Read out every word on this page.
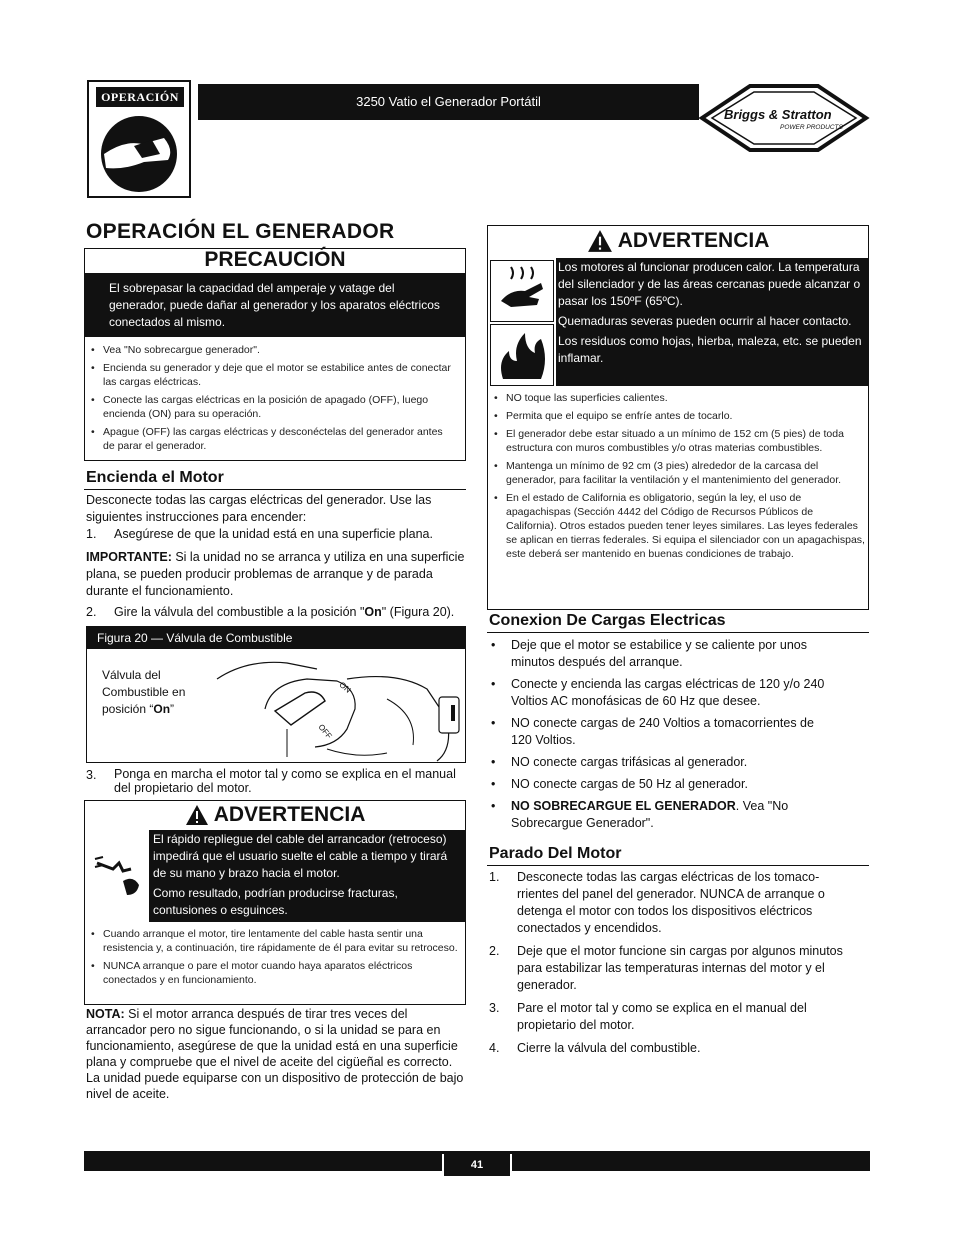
OPERACIÓN	3250 Vatio el Generador Portátil
Briggs & Stratton
POWER PRODUCTS
OPERACIÓN EL GENERADOR
PRECAUCIÓN
El sobrepasar la capacidad del amperaje y vatage del generador, puede dañar al generador y los aparatos eléctricos conectados al mismo.
• Vea "No sobrecargue generador".
• Encienda su generador y deje que el motor se estabilice antes de conectar las cargas eléctricas.
• Conecte las cargas eléctricas en la posición de apagado (OFF), luego encienda (ON) para su operación.
• Apague (OFF) las cargas eléctricas y desconéctelas del generador antes de parar el generador.
Encienda el Motor
Desconecte todas las cargas eléctricas del generador. Use las siguientes instrucciones para encender:
1. Asegúrese de que la unidad está en una superficie plana.
IMPORTANTE: Si la unidad no se arranca y utiliza en una superficie plana, se pueden producir problemas de arranque y de parada durante el funcionamiento.
2. Gire la válvula del combustible a la posición "On" (Figura 20).
Figura 20 — Válvula de Combustible
Válvula del Combustible en posición “On”
ON
OFF
3. Ponga en marcha el motor tal y como se explica en el manual del propietario del motor.
ADVERTENCIA
El rápido repliegue del cable del arrancador (retroceso) impedirá que el usuario suelte el cable a tiempo y tirará de su mano y brazo hacia el motor.
Como resultado, podrían producirse fracturas, contusiones o esguinces.
• Cuando arranque el motor, tire lentamente del cable hasta sentir una resistencia y, a continuación, tire rápidamente de él para evitar su retroceso.
• NUNCA arranque o pare el motor cuando haya aparatos eléctricos conectados y en funcionamiento.
NOTA: Si el motor arranca después de tirar tres veces del arrancador pero no sigue funcionando, o si la unidad se para en funcionamiento, asegúrese de que la unidad está en una superficie plana y compruebe que el nivel de aceite del cigüeñal es correcto. La unidad puede equiparse con un dispositivo de protección de bajo nivel de aceite.
ADVERTENCIA
Los motores al funcionar producen calor. La temperatura del silenciador y de las áreas cercanas puede alcanzar o pasar los 150ºF (65ºC).
Quemaduras severas pueden ocurrir al hacer contacto.
Los residuos como hojas, hierba, maleza, etc. se pueden inflamar.
• NO toque las superficies calientes.
• Permita que el equipo se enfríe antes de tocarlo.
• El generador debe estar situado a un mínimo de 152 cm (5 pies) de toda estructura con muros combustibles y/o otras materias combustibles.
• Mantenga un mínimo de 92 cm (3 pies) alrededor de la carcasa del generador, para facilitar la ventilación y el mantenimiento del generador.
• En el estado de California es obligatorio, según la ley, el uso de apagachispas (Sección 4442 del Código de Recursos Públicos de California). Otros estados pueden tener leyes similares. Las leyes federales se aplican en tierras federales. Si equipa el silenciador con un apagachispas, este deberá ser mantenido en buenas condiciones de trabajo.
Conexion De Cargas Electricas
• Deje que el motor se estabilice y se caliente por unos minutos después del arranque.
• Conecte y encienda las cargas eléctricas de 120 y/o 240 Voltios AC monofásicas de 60 Hz que desee.
• NO conecte cargas de 240 Voltios a tomacorrientes de 120 Voltios.
• NO conecte cargas trifásicas al generador.
• NO conecte cargas de 50 Hz al generador.
• NO SOBRECARGUE EL GENERADOR. Vea "No Sobrecargue Generador".
Parado Del Motor
1. Desconecte todas las cargas eléctricas de los tomaco- rrientes del panel del generador. NUNCA de arranque o detenga el motor con todos los dispositivos eléctricos conectados y encendidos.
2. Deje que el motor funcione sin cargas por algunos minutos para estabilizar las temperaturas internas del motor y el generador.
3. Pare el motor tal y como se explica en el manual del propietario del motor.
4. Cierre la válvula del combustible.
41
